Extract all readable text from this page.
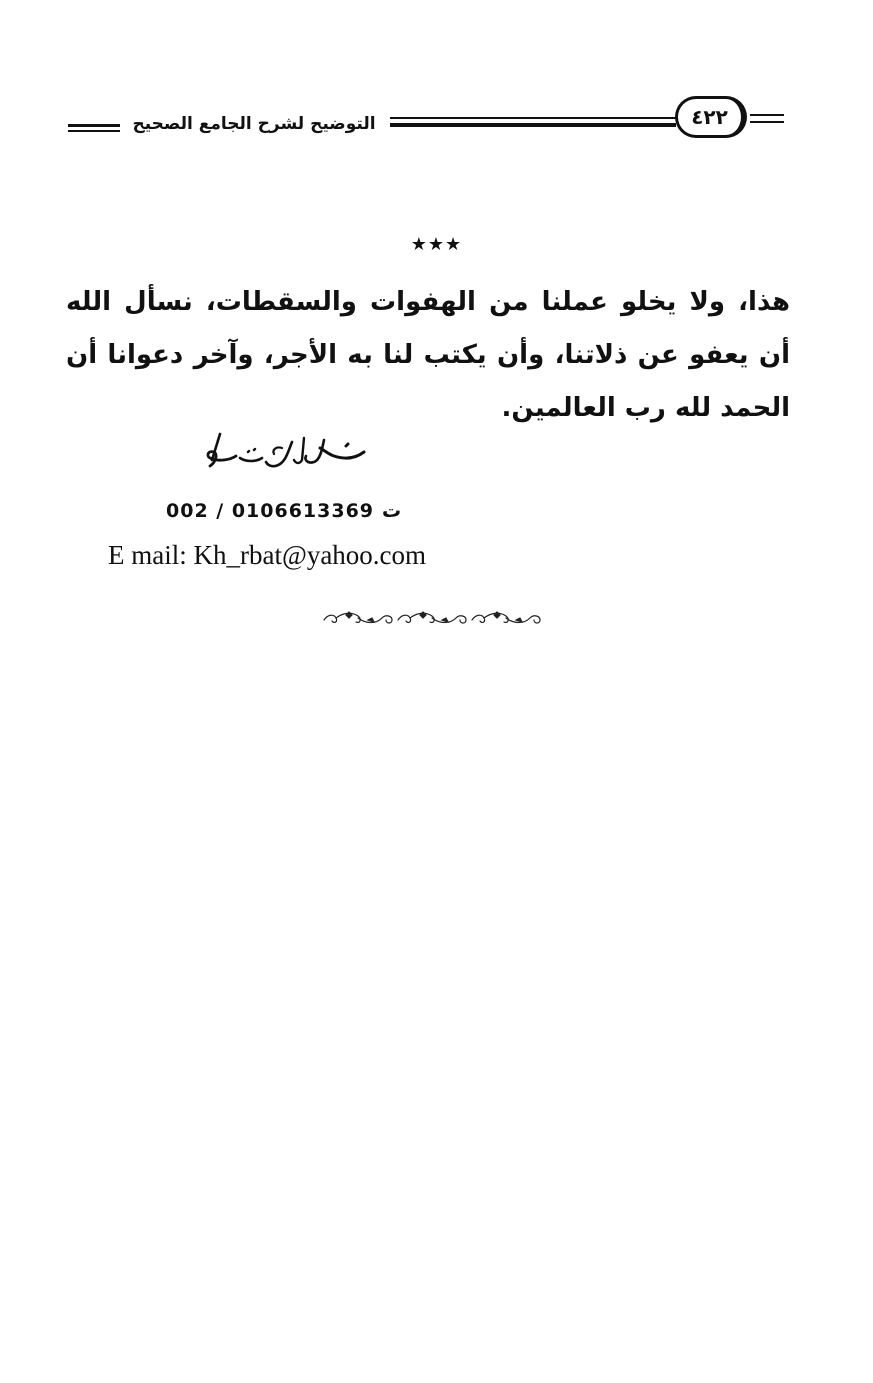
التوضيح لشرح الجامع الصحيح	٤٢٢
★★★
هذا، ولا يخلو عملنا من الهفوات والسقطات، نسأل الله أن يعفو عن ذلاتنا، وأن يكتب لنا به الأجر، وآخر دعوانا أن الحمد لله رب العالمين.
002 / 0106613369 ت
E mail: Kh_rbat@yahoo.com
